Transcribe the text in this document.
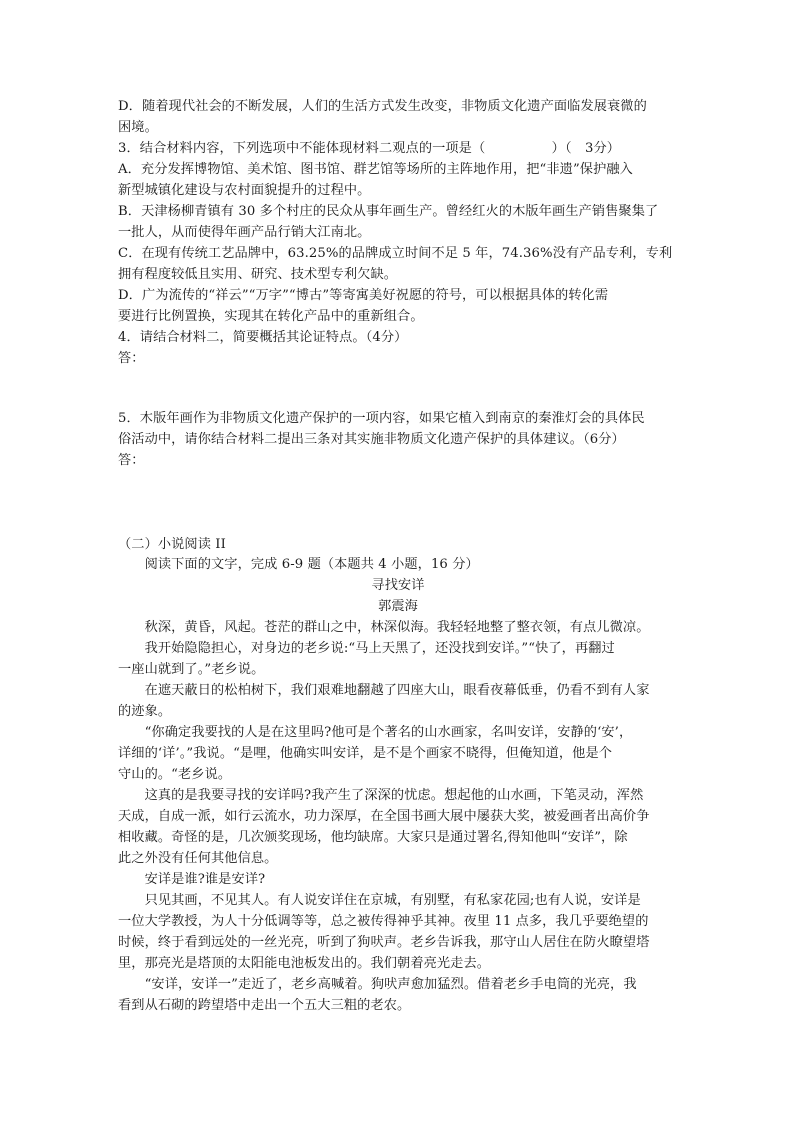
D．随着现代社会的不断发展，人们的生活方式发生改变，非物质文化遗产面临发展衰微的
困境。
3．结合材料内容，下列选项中不能体现材料二观点的一项是（　　　　　）（　3分）
A．充分发挥博物馆、美术馆、图书馆、群艺馆等场所的主阵地作用，把“非遗”保护融入
新型城镇化建设与农村面貌提升的过程中。
B．天津杨柳青镇有 30 多个村庄的民众从事年画生产。曾经红火的木版年画生产销售聚集了
一批人，从而使得年画产品行销大江南北。
C．在现有传统工艺品牌中，63.25%的品牌成立时间不足 5 年，74.36%没有产品专利，专利
拥有程度较低且实用、研究、技术型专利欠缺。
D．广为流传的“祥云”“万字”“博古”等寄寓美好祝愿的符号，可以根据具体的转化需
要进行比例置换，实现其在转化产品中的重新组合。
4．请结合材料二，简要概括其论证特点。（4分）
答：
5．木版年画作为非物质文化遗产保护的一项内容，如果它植入到南京的秦淮灯会的具体民
俗活动中，请你结合材料二提出三条对其实施非物质文化遗产保护的具体建议。（6分）
答：
（二）小说阅读 II
　　阅读下面的文字，完成 6-9 题（本题共 4 小题，16 分）
寻找安详
郭震海
　　秋深，黄昏，风起。苍茫的群山之中，林深似海。我轻轻地整了整衣领，有点儿微凉。
　　我开始隐隐担心，对身边的老乡说:“马上天黑了，还没找到安详。”“快了，再翻过
一座山就到了。”老乡说。
　　在遮天蔽日的松柏树下，我们艰难地翻越了四座大山，眼看夜幕低垂，仍看不到有人家
的迹象。
　　“你确定我要找的人是在这里吗?他可是个著名的山水画家，名叫安详，安静的‘安’，
详细的‘详’。”我说。“是哩，他确实叫安详，是不是个画家不晓得，但俺知道，他是个
守山的。“老乡说。
　　这真的是我要寻找的安详吗?我产生了深深的忧虑。想起他的山水画，下笔灵动，浑然
天成，自成一派，如行云流水，功力深厚，在全国书画大展中屡获大奖，被爱画者出高价争
相收藏。奇怪的是，几次颁奖现场，他均缺席。大家只是通过署名,得知他叫“安详”，除
此之外没有任何其他信息。
　　安详是谁?谁是安详?
　　只见其画，不见其人。有人说安详住在京城，有别墅，有私家花园;也有人说，安详是
一位大学教授，为人十分低调等等，总之被传得神乎其神。夜里 11 点多，我几乎要绝望的
时候，终于看到远处的一丝光亮，听到了狗吠声。老乡告诉我，那守山人居住在防火瞭望塔
里，那亮光是塔顶的太阳能电池板发出的。我们朝着亮光走去。
　　“安详，安详一”走近了，老乡高喊着。狗吠声愈加猛烈。借着老乡手电筒的光亮，我
看到从石砌的跨望塔中走出一个五大三粗的老农。
